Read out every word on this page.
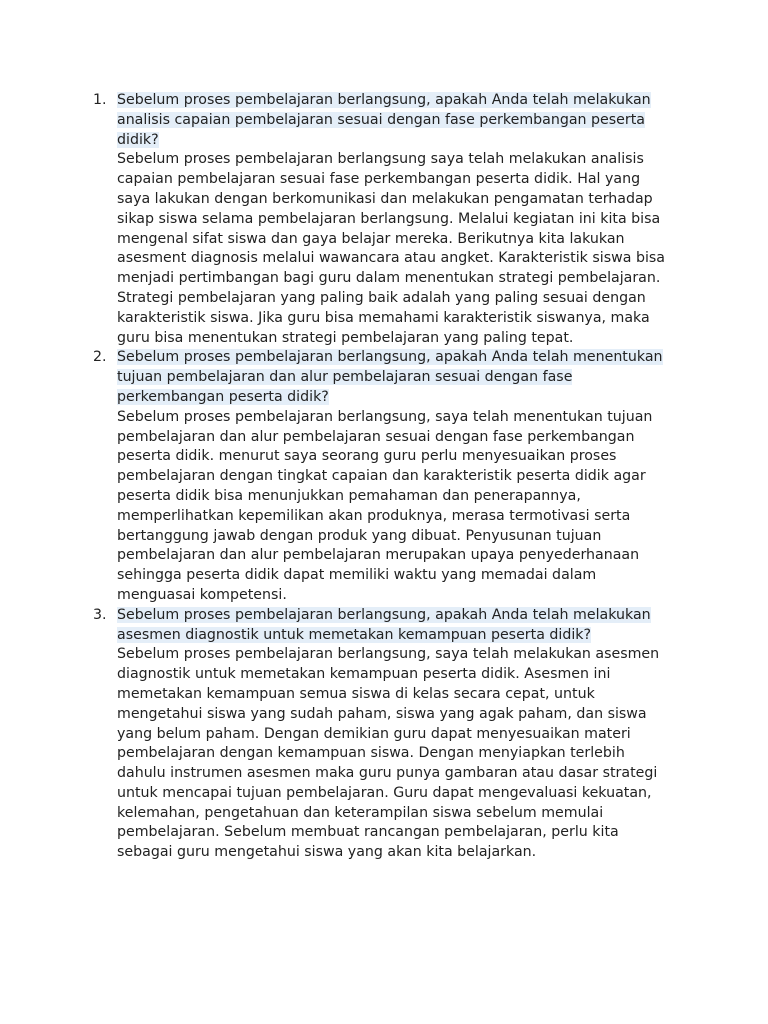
1. Sebelum proses pembelajaran berlangsung, apakah Anda telah melakukan analisis capaian pembelajaran sesuai dengan fase perkembangan peserta didik?

Sebelum proses pembelajaran berlangsung saya telah melakukan analisis capaian pembelajaran sesuai fase perkembangan peserta didik. Hal yang saya lakukan dengan berkomunikasi dan melakukan pengamatan terhadap sikap siswa selama pembelajaran berlangsung. Melalui kegiatan ini kita bisa mengenal sifat siswa dan gaya belajar mereka. Berikutnya kita lakukan asesment diagnosis melalui wawancara atau angket. Karakteristik siswa bisa menjadi pertimbangan bagi guru dalam menentukan strategi pembelajaran. Strategi pembelajaran yang paling baik adalah yang paling sesuai dengan karakteristik siswa. Jika guru bisa memahami karakteristik siswanya, maka guru bisa menentukan strategi pembelajaran yang paling tepat.

2. Sebelum proses pembelajaran berlangsung, apakah Anda telah menentukan tujuan pembelajaran dan alur pembelajaran sesuai dengan fase perkembangan peserta didik?

Sebelum proses pembelajaran berlangsung, saya telah menentukan tujuan pembelajaran dan alur pembelajaran sesuai dengan fase perkembangan peserta didik. menurut saya seorang guru perlu menyesuaikan proses pembelajaran dengan tingkat capaian dan karakteristik peserta didik agar peserta didik bisa menunjukkan pemahaman dan penerapannya, memperlihatkan kepemilikan akan produknya, merasa termotivasi serta bertanggung jawab dengan produk yang dibuat. Penyusunan tujuan pembelajaran dan alur pembelajaran merupakan upaya penyederhanaan sehingga peserta didik dapat memiliki waktu yang memadai dalam menguasai kompetensi.

3. Sebelum proses pembelajaran berlangsung, apakah Anda telah melakukan asesmen diagnostik untuk memetakan kemampuan peserta didik?

Sebelum proses pembelajaran berlangsung, saya telah melakukan asesmen diagnostik untuk memetakan kemampuan peserta didik. Asesmen ini memetakan kemampuan semua siswa di kelas secara cepat, untuk mengetahui siswa yang sudah paham, siswa yang agak paham, dan siswa yang belum paham. Dengan demikian guru dapat menyesuaikan materi pembelajaran dengan kemampuan siswa. Dengan menyiapkan terlebih dahulu instrumen asesmen maka guru punya gambaran atau dasar strategi untuk mencapai tujuan pembelajaran. Guru dapat mengevaluasi kekuatan, kelemahan, pengetahuan dan keterampilan siswa sebelum memulai pembelajaran. Sebelum membuat rancangan pembelajaran, perlu kita sebagai guru mengetahui siswa yang akan kita belajarkan.
